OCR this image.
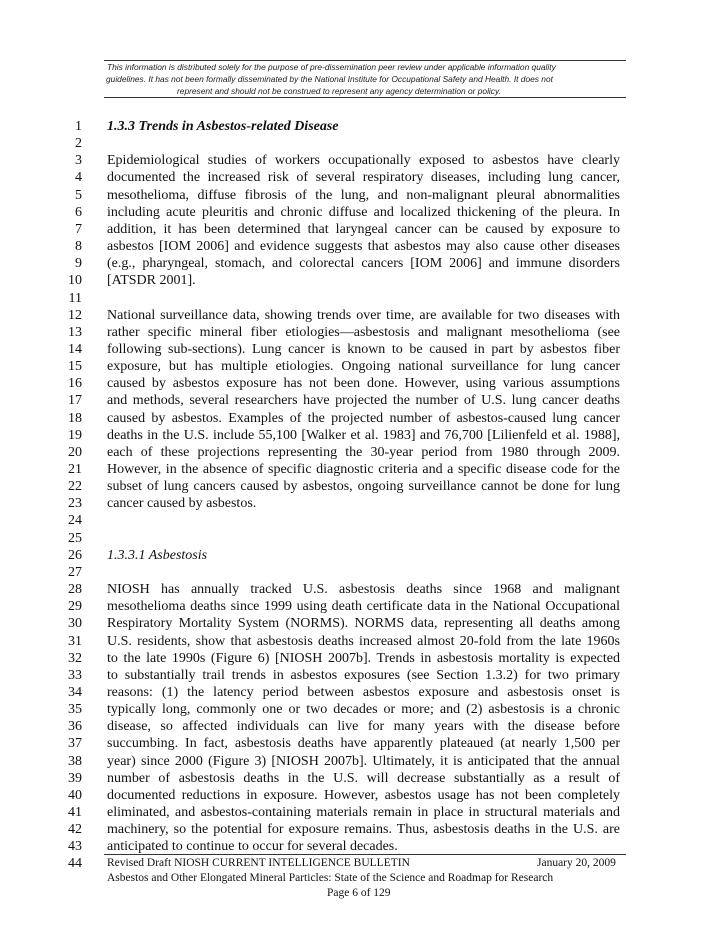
This information is distributed solely for the purpose of pre-dissemination peer review under applicable information quality
guidelines. It has not been formally disseminated by the National Institute for Occupational Safety and Health. It does not
represent and should not be construed to represent any agency determination or policy.
1 1.3.3 Trends in Asbestos-related Disease
2
3 Epidemiological studies of workers occupationally exposed to asbestos have clearly
4 documented the increased risk of several respiratory diseases, including lung cancer,
5 mesothelioma, diffuse fibrosis of the lung, and non-malignant pleural abnormalities
6 including acute pleuritis and chronic diffuse and localized thickening of the pleura. In
7 addition, it has been determined that laryngeal cancer can be caused by exposure to
8 asbestos [IOM 2006] and evidence suggests that asbestos may also cause other diseases
9 (e.g., pharyngeal, stomach, and colorectal cancers [IOM 2006] and immune disorders
10 [ATSDR 2001].
11
12 National surveillance data, showing trends over time, are available for two diseases with
13 rather specific mineral fiber etiologies—asbestosis and malignant mesothelioma (see
14 following sub-sections). Lung cancer is known to be caused in part by asbestos fiber
15 exposure, but has multiple etiologies. Ongoing national surveillance for lung cancer
16 caused by asbestos exposure has not been done. However, using various assumptions
17 and methods, several researchers have projected the number of U.S. lung cancer deaths
18 caused by asbestos. Examples of the projected number of asbestos-caused lung cancer
19 deaths in the U.S. include 55,100 [Walker et al. 1983] and 76,700 [Lilienfeld et al. 1988],
20 each of these projections representing the 30-year period from 1980 through 2009.
21 However, in the absence of specific diagnostic criteria and a specific disease code for the
22 subset of lung cancers caused by asbestos, ongoing surveillance cannot be done for lung
23 cancer caused by asbestos.
24
25
26 1.3.3.1 Asbestosis
27
28 NIOSH has annually tracked U.S. asbestosis deaths since 1968 and malignant
29 mesothelioma deaths since 1999 using death certificate data in the National Occupational
30 Respiratory Mortality System (NORMS). NORMS data, representing all deaths among
31 U.S. residents, show that asbestosis deaths increased almost 20-fold from the late 1960s
32 to the late 1990s (Figure 6) [NIOSH 2007b]. Trends in asbestosis mortality is expected
33 to substantially trail trends in asbestos exposures (see Section 1.3.2) for two primary
34 reasons: (1) the latency period between asbestos exposure and asbestosis onset is
35 typically long, commonly one or two decades or more; and (2) asbestosis is a chronic
36 disease, so affected individuals can live for many years with the disease before
37 succumbing. In fact, asbestosis deaths have apparently plateaued (at nearly 1,500 per
38 year) since 2000 (Figure 3) [NIOSH 2007b]. Ultimately, it is anticipated that the annual
39 number of asbestosis deaths in the U.S. will decrease substantially as a result of
40 documented reductions in exposure. However, asbestos usage has not been completely
41 eliminated, and asbestos-containing materials remain in place in structural materials and
42 machinery, so the potential for exposure remains. Thus, asbestosis deaths in the U.S. are
43 anticipated to continue to occur for several decades.
44 Revised Draft NIOSH CURRENT INTELLIGENCE BULLETIN	January 20, 2009
Asbestos and Other Elongated Mineral Particles: State of the Science and Roadmap for Research
Page 6 of 129
